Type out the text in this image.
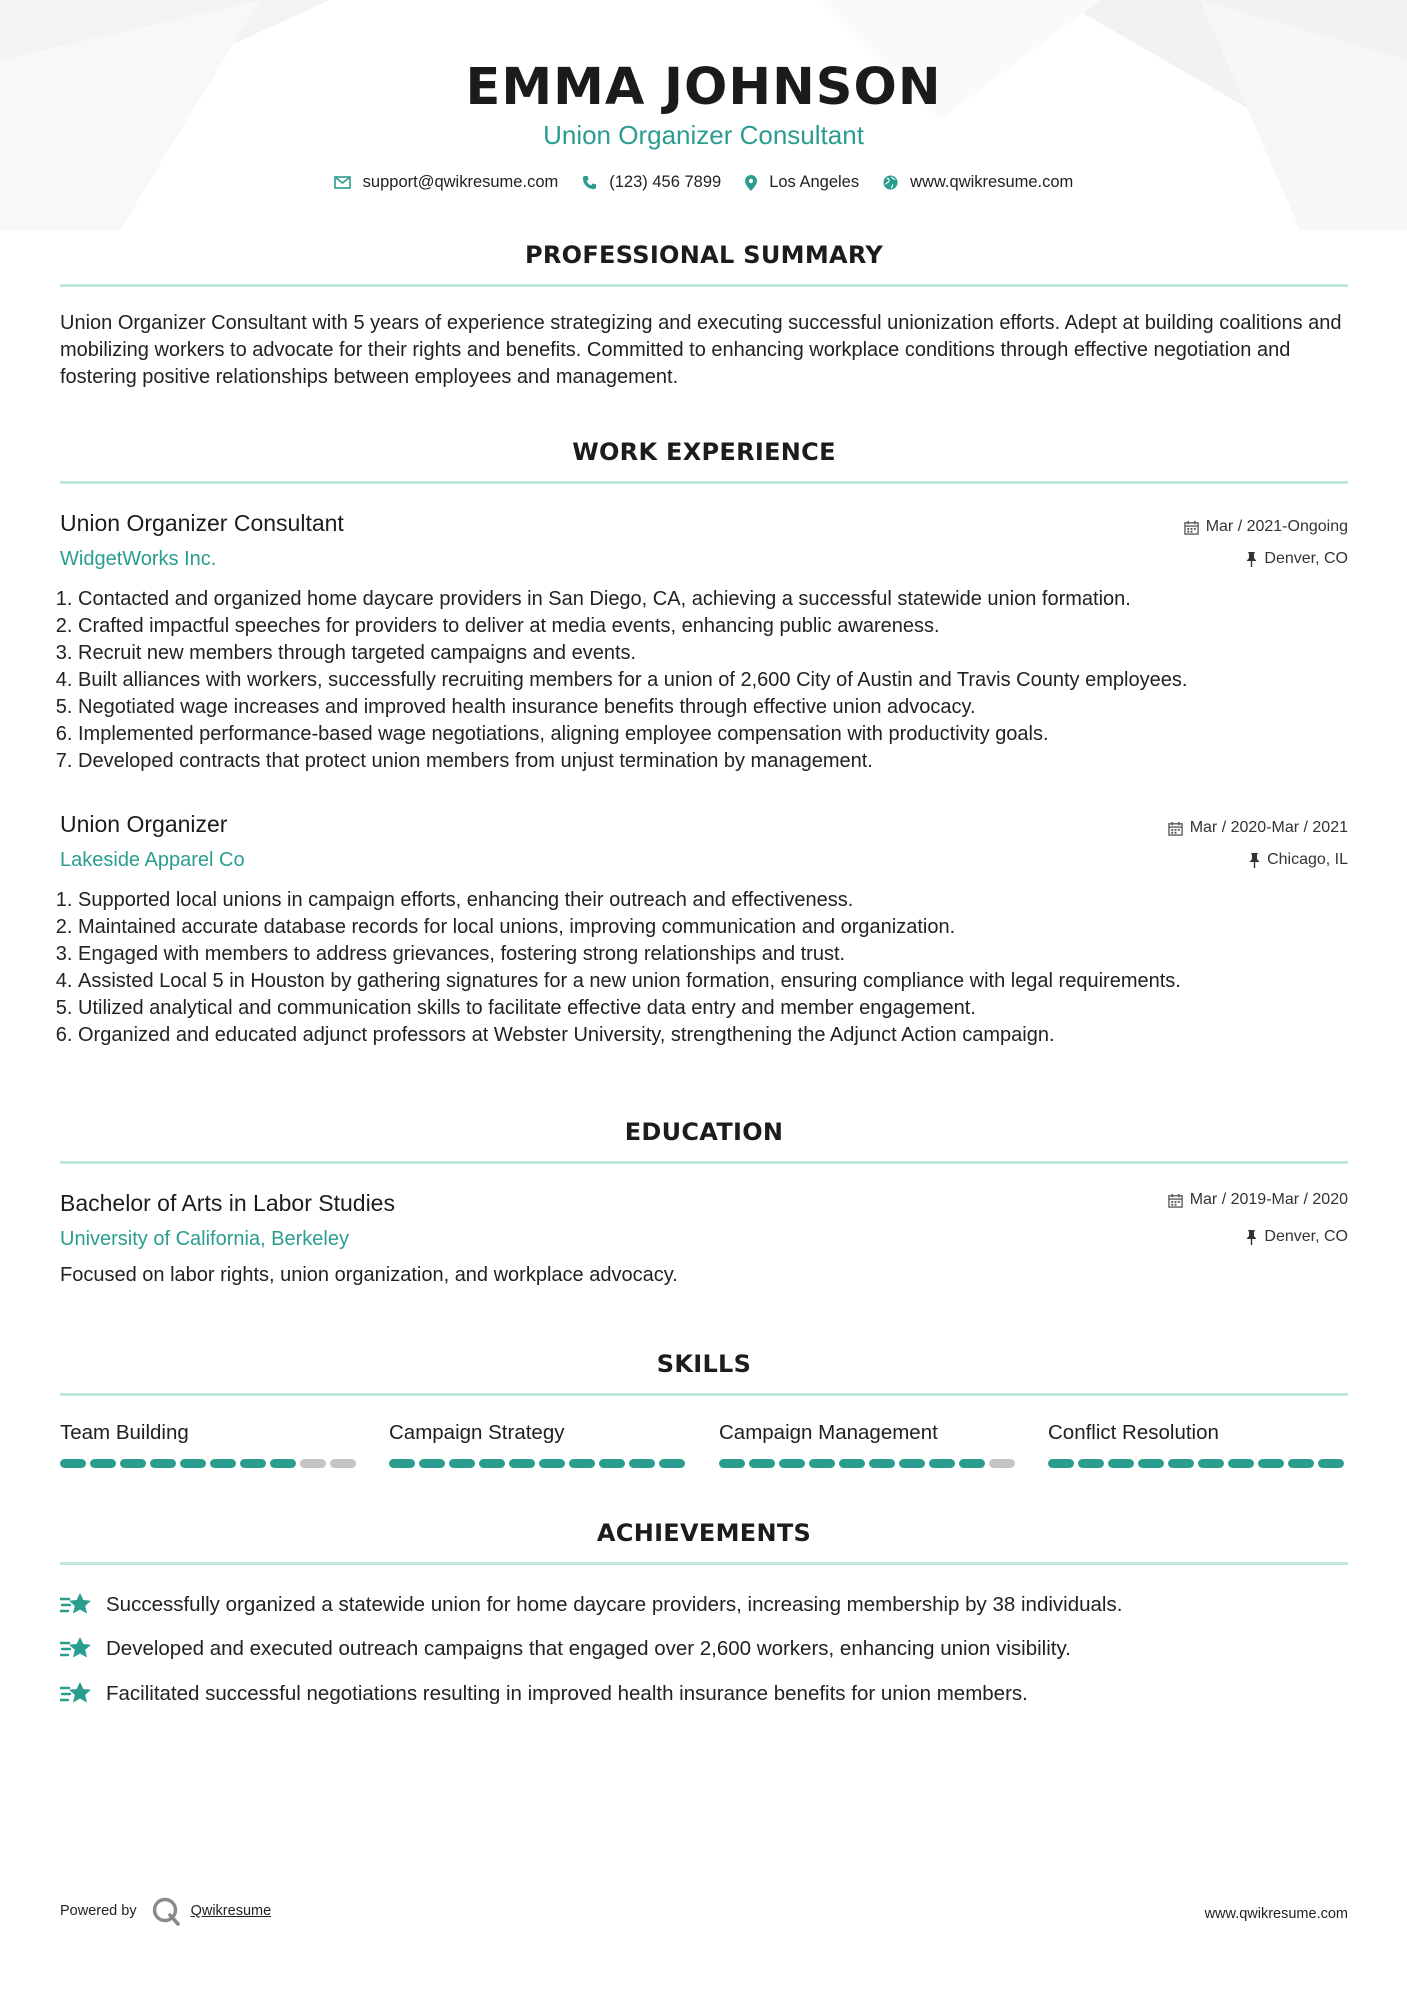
EMMA JOHNSON
Union Organizer Consultant
support@qwikresume.com	(123) 456 7899	Los Angeles	www.qwikresume.com
PROFESSIONAL SUMMARY
Union Organizer Consultant with 5 years of experience strategizing and executing successful unionization efforts. Adept at building coalitions and mobilizing workers to advocate for their rights and benefits. Committed to enhancing workplace conditions through effective negotiation and fostering positive relationships between employees and management.
WORK EXPERIENCE
Union Organizer Consultant
WidgetWorks Inc.
Mar / 2021-Ongoing
Denver, CO
1. Contacted and organized home daycare providers in San Diego, CA, achieving a successful statewide union formation.
2. Crafted impactful speeches for providers to deliver at media events, enhancing public awareness.
3. Recruit new members through targeted campaigns and events.
4. Built alliances with workers, successfully recruiting members for a union of 2,600 City of Austin and Travis County employees.
5. Negotiated wage increases and improved health insurance benefits through effective union advocacy.
6. Implemented performance-based wage negotiations, aligning employee compensation with productivity goals.
7. Developed contracts that protect union members from unjust termination by management.
Union Organizer
Lakeside Apparel Co
Mar / 2020-Mar / 2021
Chicago, IL
1. Supported local unions in campaign efforts, enhancing their outreach and effectiveness.
2. Maintained accurate database records for local unions, improving communication and organization.
3. Engaged with members to address grievances, fostering strong relationships and trust.
4. Assisted Local 5 in Houston by gathering signatures for a new union formation, ensuring compliance with legal requirements.
5. Utilized analytical and communication skills to facilitate effective data entry and member engagement.
6. Organized and educated adjunct professors at Webster University, strengthening the Adjunct Action campaign.
EDUCATION
Bachelor of Arts in Labor Studies
University of California, Berkeley
Mar / 2019-Mar / 2020
Denver, CO
Focused on labor rights, union organization, and workplace advocacy.
SKILLS
Team Building	Campaign Strategy	Campaign Management	Conflict Resolution
ACHIEVEMENTS
Successfully organized a statewide union for home daycare providers, increasing membership by 38 individuals.
Developed and executed outreach campaigns that engaged over 2,600 workers, enhancing union visibility.
Facilitated successful negotiations resulting in improved health insurance benefits for union members.
Powered by	Qwikresume	www.qwikresume.com
